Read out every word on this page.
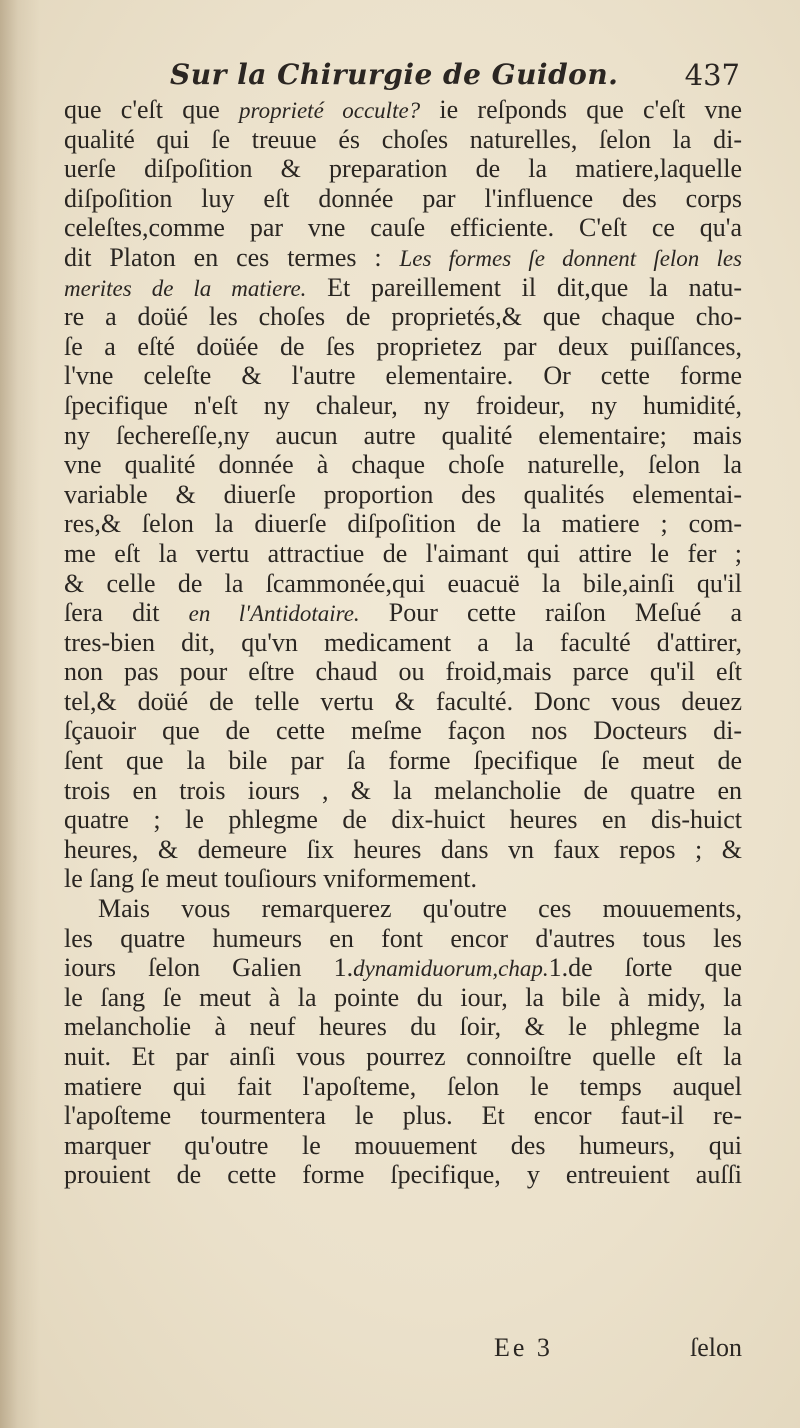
Sur la Chirurgie de Guidon. 437
que c'eſt que proprieté occulte? ie reſponds que c'eſt vne
qualité qui ſe treuue és choſes naturelles, ſelon la di-
uerſe diſpoſition & preparation de la matiere,laquelle
diſpoſition luy eſt donnée par l'influence des corps
celeſtes,comme par vne cauſe efficiente. C'eſt ce qu'a
dit Platon en ces termes : Les formes ſe donnent ſelon les
merites de la matiere. Et pareillement il dit,que la natu-
re a doüé les choſes de proprietés,& que chaque cho-
ſe a eſté doüée de ſes proprietez par deux puiſſances,
l'vne celeſte & l'autre elementaire. Or cette forme
ſpecifique n'eſt ny chaleur, ny froideur, ny humidité,
ny ſechereſſe,ny aucun autre qualité elementaire; mais
vne qualité donnée à chaque choſe naturelle, ſelon la
variable & diuerſe proportion des qualités elementai-
res,& ſelon la diuerſe diſpoſition de la matiere ; com-
me eſt la vertu attractiue de l'aimant qui attire le fer ;
& celle de la ſcammonée,qui euacuë la bile,ainſi qu'il
ſera dit en l'Antidotaire. Pour cette raiſon Meſué a
tres-bien dit, qu'vn medicament a la faculté d'attirer,
non pas pour eſtre chaud ou froid,mais parce qu'il eſt
tel,& doüé de telle vertu & faculté. Donc vous deuez
ſçauoir que de cette meſme façon nos Docteurs di-
ſent que la bile par ſa forme ſpecifique ſe meut de
trois en trois iours , & la melancholie de quatre en
quatre ; le phlegme de dix-huict heures en dis-huict
heures, & demeure ſix heures dans vn faux repos ; &
le ſang ſe meut touſiours vniformement.
Mais vous remarquerez qu'outre ces mouuements,
les quatre humeurs en font encor d'autres tous les
iours ſelon Galien 1.dynamiduorum,chap.1.de ſorte que
le ſang ſe meut à la pointe du iour, la bile à midy, la
melancholie à neuf heures du ſoir, & le phlegme la
nuit. Et par ainſi vous pourrez connoiſtre quelle eſt la
matiere qui fait l'apoſteme, ſelon le temps auquel
l'apoſteme tourmentera le plus. Et encor faut-il re-
marquer qu'outre le mouuement des humeurs, qui
prouient de cette forme ſpecifique, y entreuient auſſi
Ee 3	ſelon
